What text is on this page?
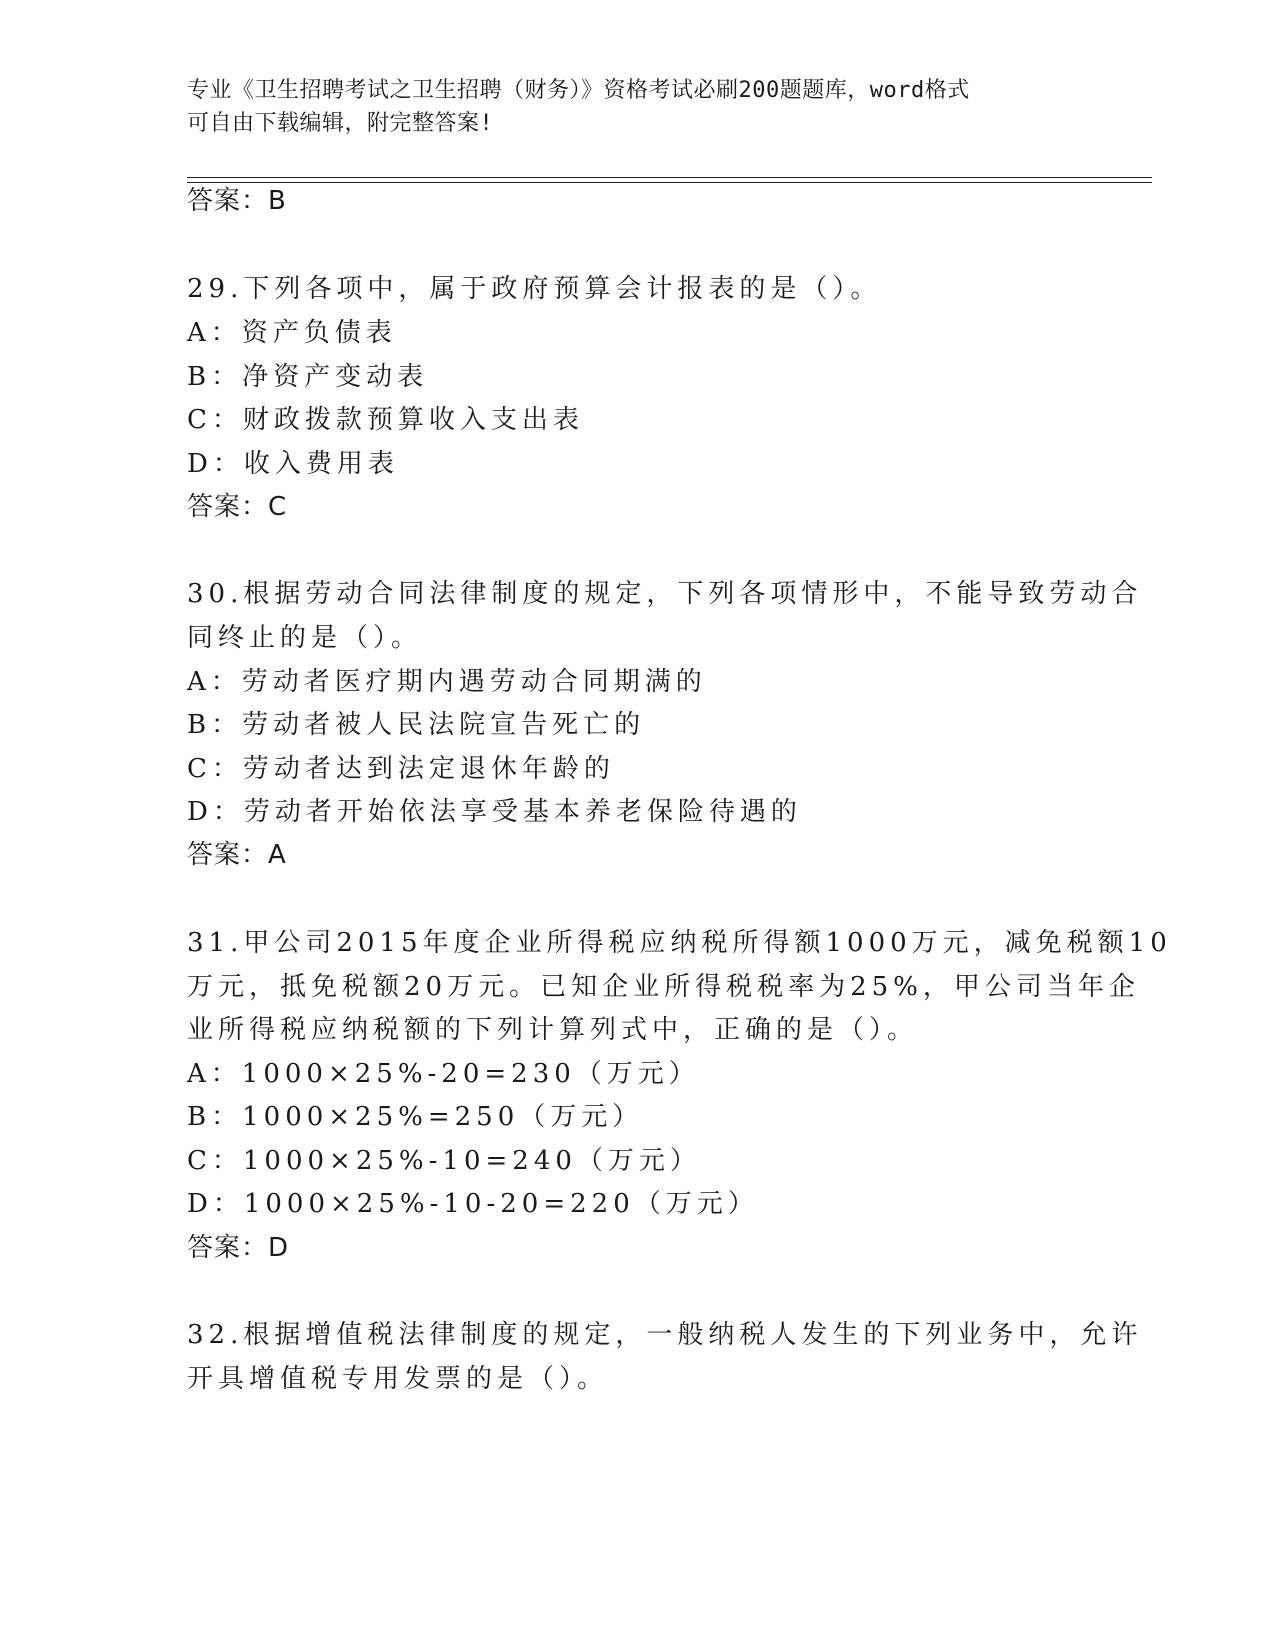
专业《卫生招聘考试之卫生招聘（财务）》资格考试必刷200题题库，word格式
可自由下载编辑，附完整答案!
答案：B
29.下列各项中，属于政府预算会计报表的是（）。
A：资产负债表
B：净资产变动表
C：财政拨款预算收入支出表
D：收入费用表
答案：C
30.根据劳动合同法律制度的规定，下列各项情形中，不能导致劳动合
同终止的是（）。
A：劳动者医疗期内遇劳动合同期满的
B：劳动者被人民法院宣告死亡的
C：劳动者达到法定退休年龄的
D：劳动者开始依法享受基本养老保险待遇的
答案：A
31.甲公司2015年度企业所得税应纳税所得额1000万元，减免税额10
万元，抵免税额20万元。已知企业所得税税率为25%，甲公司当年企
业所得税应纳税额的下列计算列式中，正确的是（）。
A：1000×25%-20=230（万元）
B：1000×25%=250（万元）
C：1000×25%-10=240（万元）
D：1000×25%-10-20=220（万元）
答案：D
32.根据增值税法律制度的规定，一般纳税人发生的下列业务中，允许
开具增值税专用发票的是（）。
